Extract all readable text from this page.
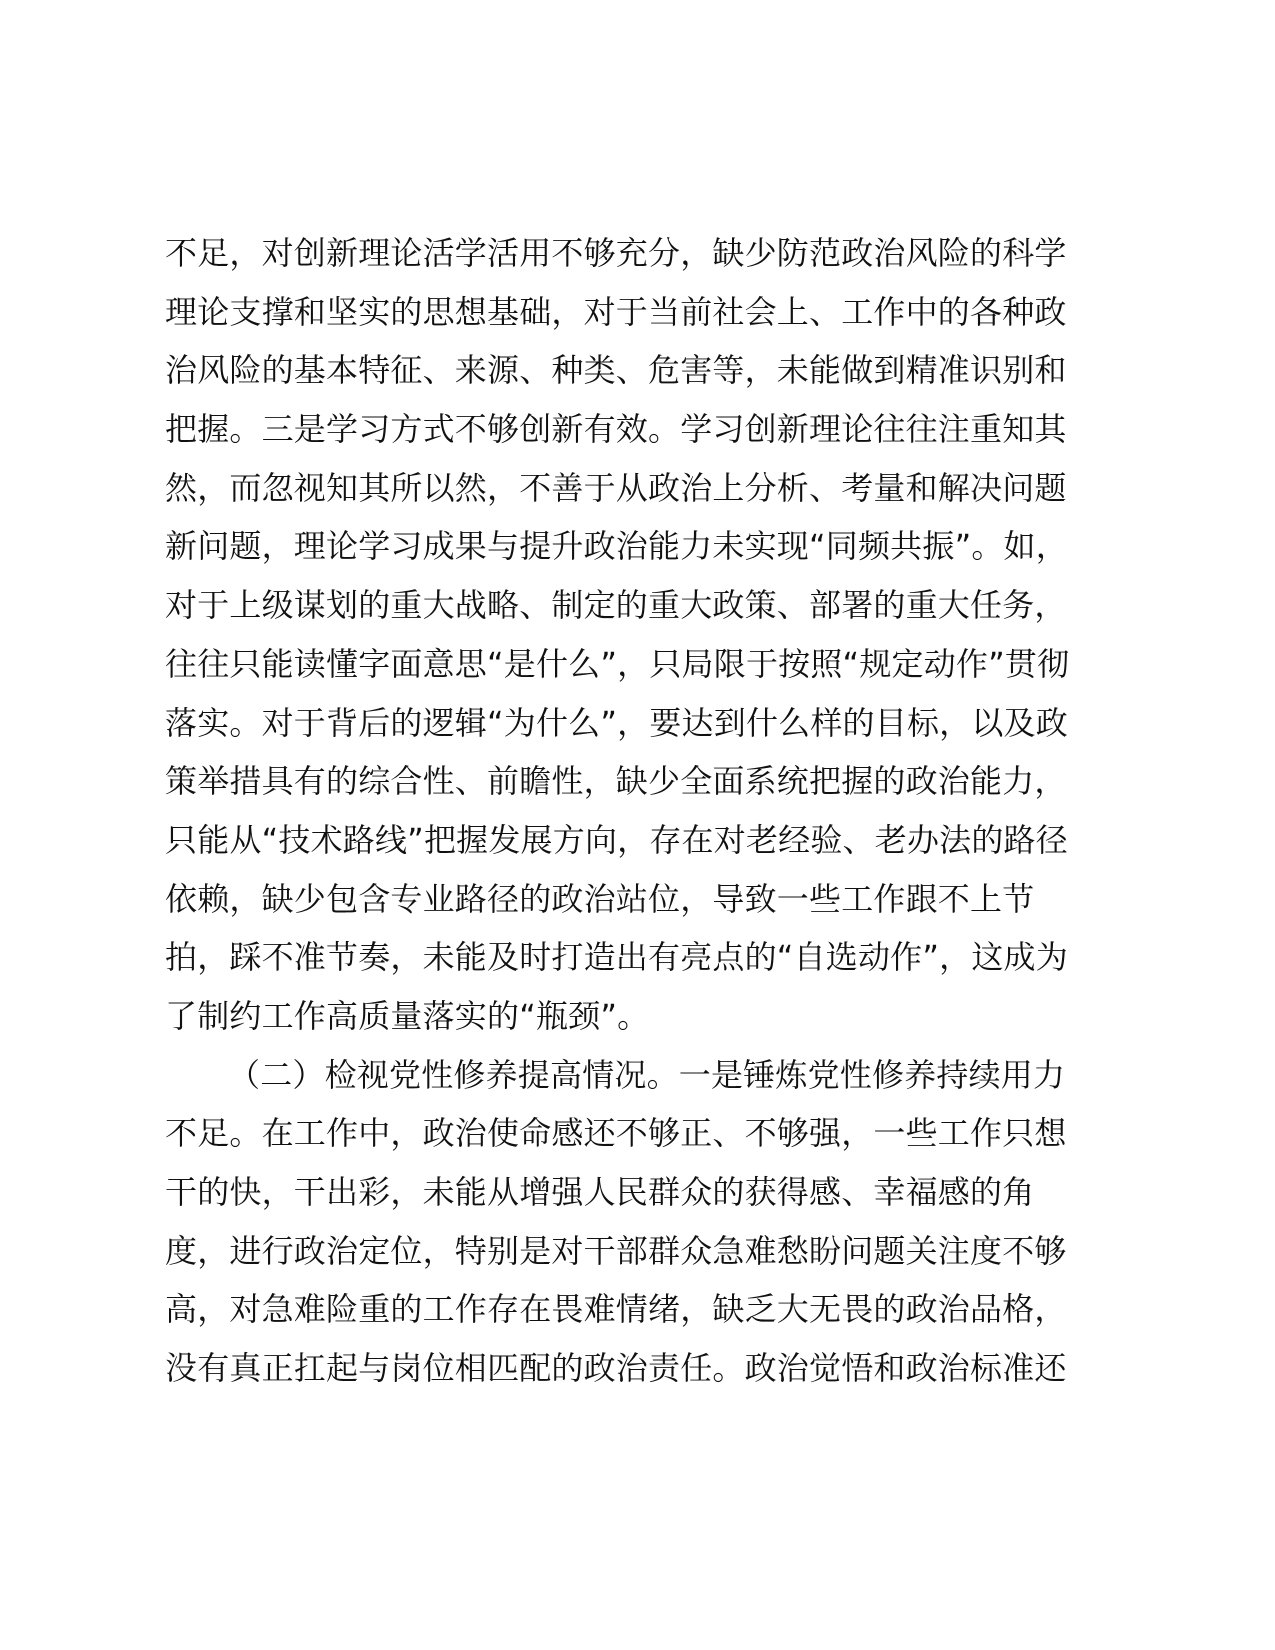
不足，对创新理论活学活用不够充分，缺少防范政治风险的科学
理论支撑和坚实的思想基础，对于当前社会上、工作中的各种政
治风险的基本特征、来源、种类、危害等，未能做到精准识别和
把握。三是学习方式不够创新有效。学习创新理论往往注重知其
然，而忽视知其所以然，不善于从政治上分析、考量和解决问题
新问题，理论学习成果与提升政治能力未实现“同频共振”。如，
对于上级谋划的重大战略、制定的重大政策、部署的重大任务，
往往只能读懂字面意思“是什么”，只局限于按照“规定动作”贯彻
落实。对于背后的逻辑“为什么”，要达到什么样的目标，以及政
策举措具有的综合性、前瞻性，缺少全面系统把握的政治能力，
只能从“技术路线”把握发展方向，存在对老经验、老办法的路径
依赖，缺少包含专业路径的政治站位，导致一些工作跟不上节
拍，踩不准节奏，未能及时打造出有亮点的“自选动作”，这成为
了制约工作高质量落实的“瓶颈”。
（二）检视党性修养提高情况。一是锤炼党性修养持续用力
不足。在工作中，政治使命感还不够正、不够强，一些工作只想
干的快，干出彩，未能从增强人民群众的获得感、幸福感的角
度，进行政治定位，特别是对干部群众急难愁盼问题关注度不够
高，对急难险重的工作存在畏难情绪，缺乏大无畏的政治品格，
没有真正扛起与岗位相匹配的政治责任。政治觉悟和政治标准还
